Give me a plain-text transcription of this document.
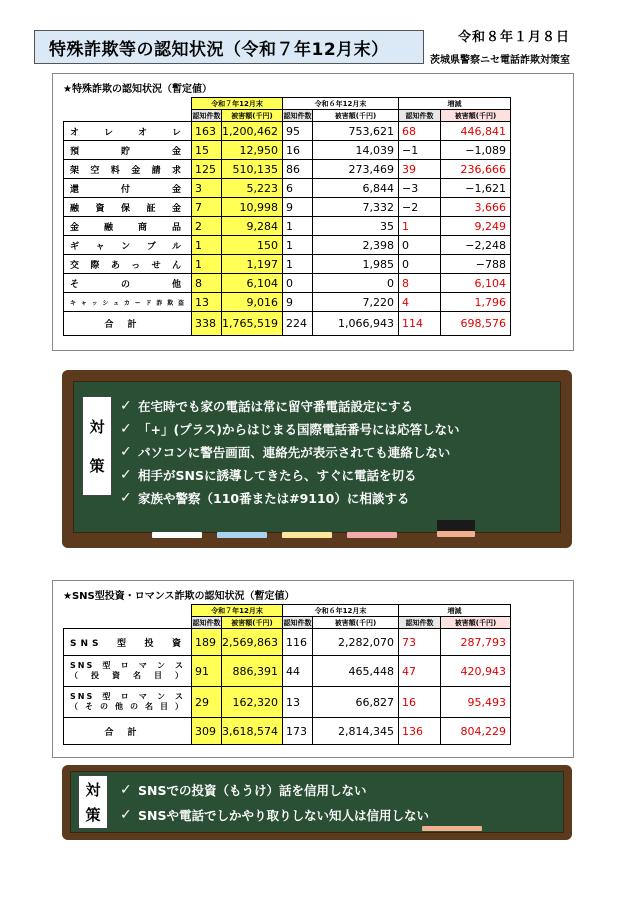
特殊詐欺等の認知状況（令和７年12月末）
令和８年１月８日
茨城県警察ニセ電話詐欺対策室
★特殊詐欺の認知状況（暫定値）
	令和７年12月末		令和６年12月末		増減	
	認知件数	被害額(千円)	認知件数	被害額(千円)	認知件数	被害額(千円)
オレオレ	163	1,200,462	95	753,621	68	446,841
預貯金	15	12,950	16	14,039	−1	−1,089
架空料金請求	125	510,135	86	273,469	39	236,666
還付金	3	5,223	6	6,844	−3	−1,621
融資保証金	7	10,998	9	7,332	−2	3,666
金融商品	2	9,284	1	35	1	9,249
ギャンブル	1	150	1	2,398	0	−2,248
交際あっせん	1	1,197	1	1,985	0	−788
その他	8	6,104	0	0	8	6,104
キャッシュカード詐欺盗	13	9,016	9	7,220	4	1,796
合計	338	1,765,519	224	1,066,943	114	698,576
対
策
✓ 在宅時でも家の電話は常に留守番電話設定にする
✓ 「+」(プラス)からはじまる国際電話番号には応答しない
✓ パソコンに警告画面、連絡先が表示されても連絡しない
✓ 相手がSNSに誘導してきたら、すぐに電話を切る
✓ 家族や警察（110番または#9110）に相談する
★SNS型投資・ロマンス詐欺の認知状況（暫定値）
	令和７年12月末		令和６年12月末		増減	
	認知件数	被害額(千円)	認知件数	被害額(千円)	認知件数	被害額(千円)
SNS型投資	189	2,569,863	116	2,282,070	73	287,793

SNS型ロマンス
（投資名目）	91	886,391	44	465,448	47	420,943

SNS型ロマンス
（その他の名目）	29	162,320	13	66,827	16	95,493
合計	309	3,618,574	173	2,814,345	136	804,229
対
策
✓ SNSでの投資（もうけ）話を信用しない
✓ SNSや電話でしかやり取りしない知人は信用しない
